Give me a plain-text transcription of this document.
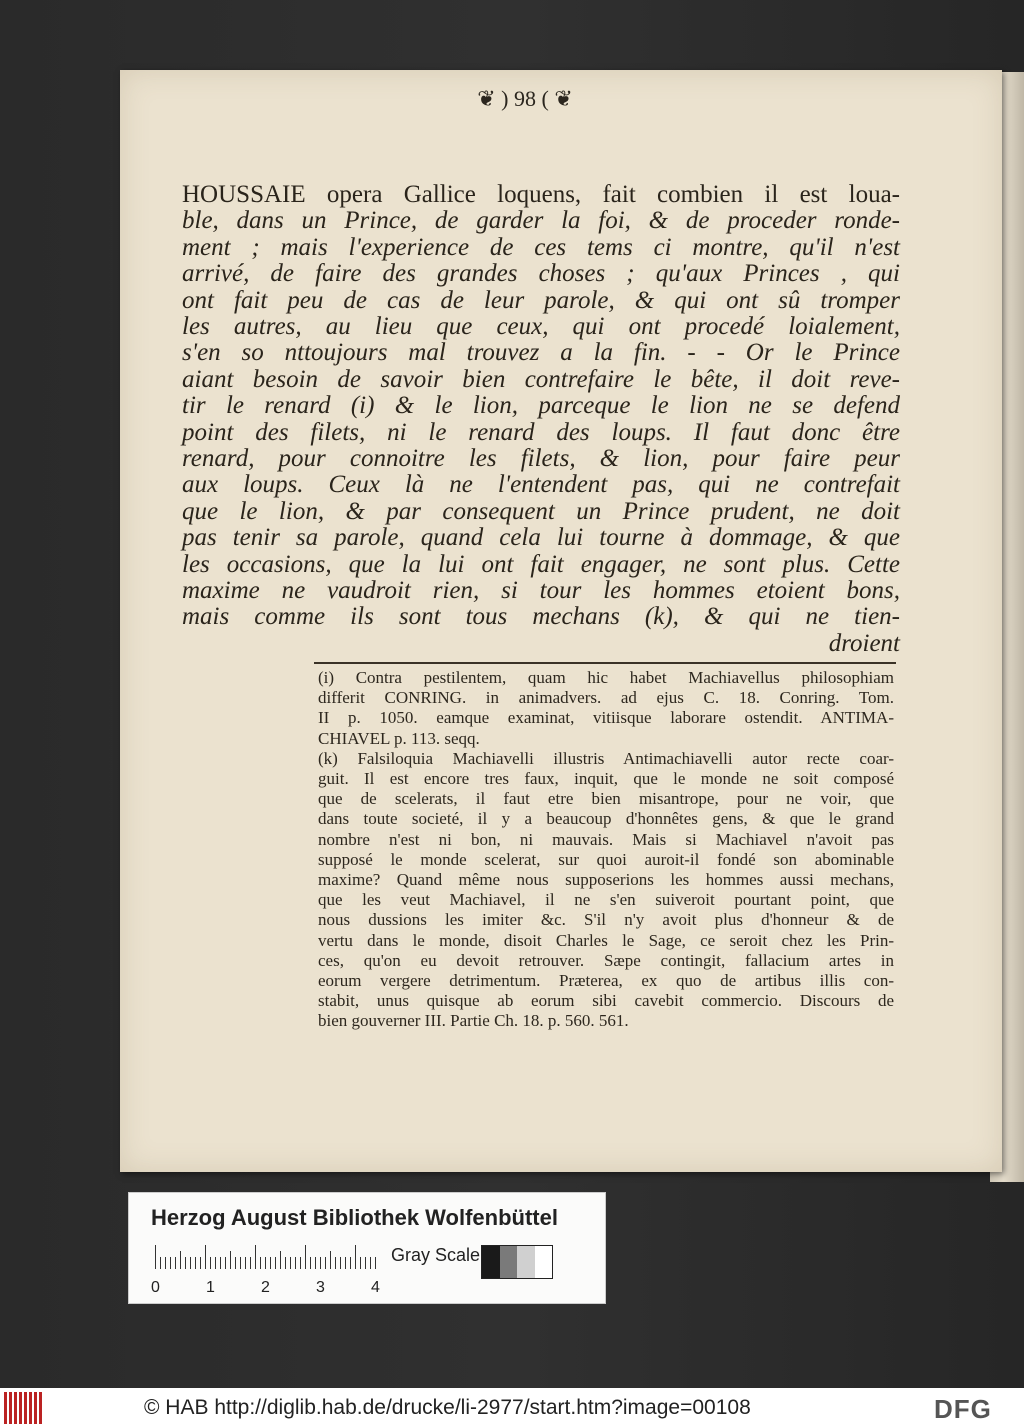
❦ ) 98 ( ❦
HOUSSAIE opera Gallice loquens, fait combien il est loua-
ble, dans un Prince, de garder la foi, & de proceder ronde-
ment ; mais l'experience de ces tems ci montre, qu'il n'est
arrivé, de faire des grandes choses ; qu'aux Princes , qui
ont fait peu de cas de leur parole, & qui ont sû tromper
les autres, au lieu que ceux, qui ont procedé loialement,
s'en so nttoujours mal trouvez a la fin. - - Or le Prince
aiant besoin de savoir bien contrefaire le bête, il doit reve-
tir le renard (i) & le lion, parceque le lion ne se defend
point des filets, ni le renard des loups. Il faut donc être
renard, pour connoitre les filets, & lion, pour faire peur
aux loups. Ceux là ne l'entendent pas, qui ne contrefait
que le lion, & par consequent un Prince prudent, ne doit
pas tenir sa parole, quand cela lui tourne à dommage, & que
les occasions, que la lui ont fait engager, ne sont plus. Cette
maxime ne vaudroit rien, si tour les hommes etoient bons,
mais comme ils sont tous mechans (k), & qui ne tien-
droient
(i) Contra pestilentem, quam hic habet Machiavellus philosophiam
differit CONRING. in animadvers. ad ejus C. 18. Conring. Tom.
II p. 1050. eamque examinat, vitiisque laborare ostendit. ANTIMA-
CHIAVEL p. 113. seqq.
(k) Falsiloquia Machiavelli illustris Antimachiavelli autor recte coar-
guit. Il est encore tres faux, inquit, que le monde ne soit composé
que de scelerats, il faut etre bien misantrope, pour ne voir, que
dans toute societé, il y a beaucoup d'honnêtes gens, & que le grand
nombre n'est ni bon, ni mauvais. Mais si Machiavel n'avoit pas
supposé le monde scelerat, sur quoi auroit-il fondé son abominable
maxime? Quand même nous supposerions les hommes aussi mechans,
que les veut Machiavel, il ne s'en suiveroit pourtant point, que
nous dussions les imiter &c. S'il n'y avoit plus d'honneur & de
vertu dans le monde, disoit Charles le Sage, ce seroit chez les Prin-
ces, qu'on eu devoit retrouver. Sæpe contingit, fallacium artes in
eorum vergere detrimentum. Præterea, ex quo de artibus illis con-
stabit, unus quisque ab eorum sibi cavebit commercio. Discours de
bien gouverner III. Partie Ch. 18. p. 560. 561.
Herzog August Bibliothek Wolfenbüttel
0	1	2	3	4
Gray Scale
© HAB http://diglib.hab.de/drucke/li-2977/start.htm?image=00108	DFG
